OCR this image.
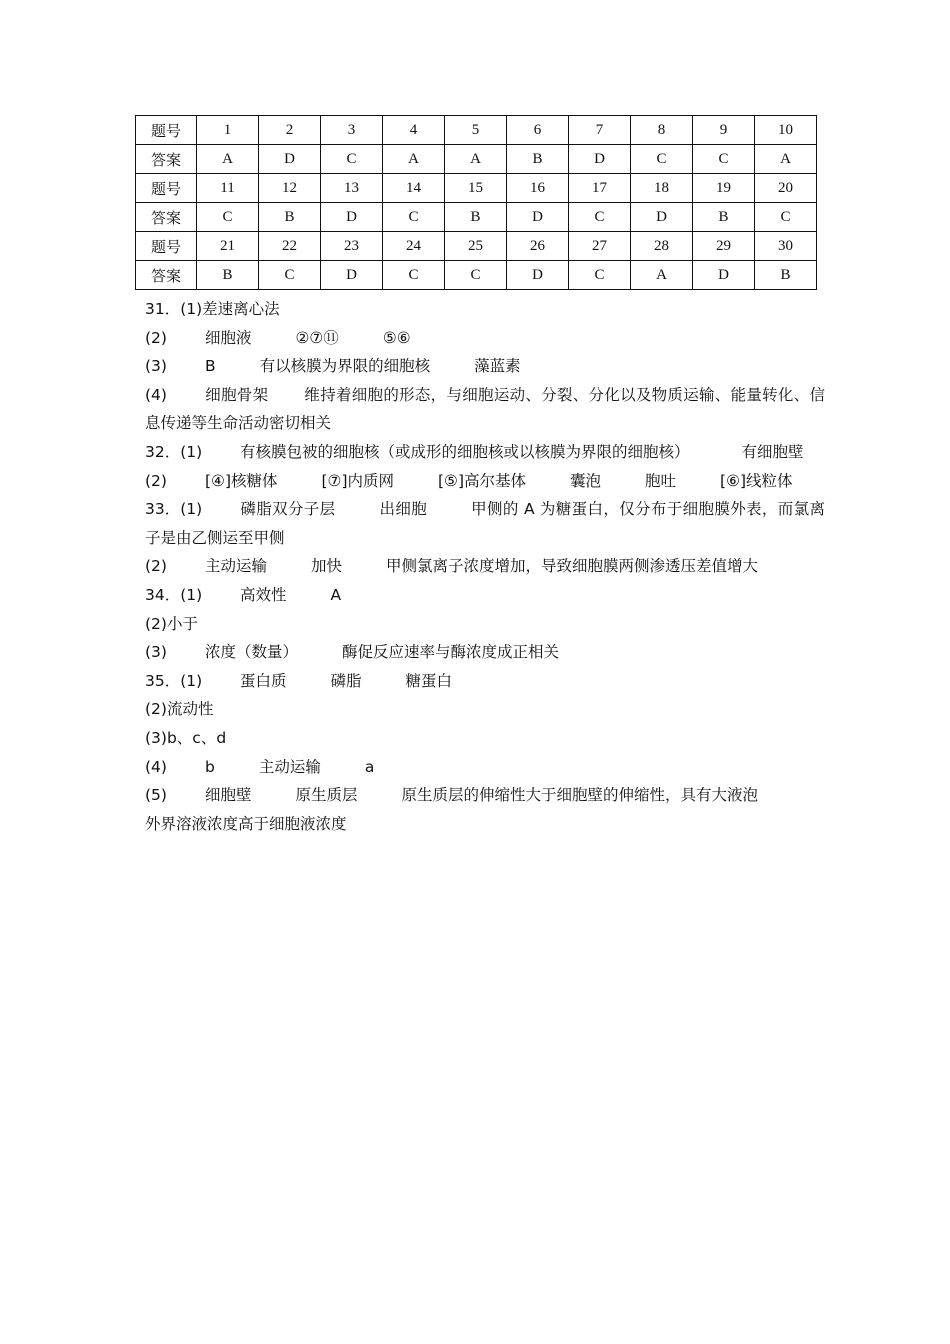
题号	1	2	3	4	5	6	7	8	9	10
答案	A	D	C	A	A	B	D	C	C	A
题号	11	12	13	14	15	16	17	18	19	20
答案	C	B	D	C	B	D	C	D	B	C
题号	21	22	23	24	25	26	27	28	29	30
答案	B	C	D	C	C	D	C	A	D	B
31．(1)差速离心法
(2) 细胞液	②⑦⑪	⑤⑥
(3) B	有以核膜为界限的细胞核	藻蓝素
(4) 细胞骨架 维持着细胞的形态，与细胞运动、分裂、分化以及物质运输、能量转化、信息传递等生命活动密切相关
32．(1) 有核膜包被的细胞核（或成形的细胞核或以核膜为界限的细胞核）	有细胞壁
(2) [④]核糖体	[⑦]内质网	[⑤]高尔基体	囊泡	胞吐	[⑥]线粒体
33．(1) 磷脂双分子层	出细胞	甲侧的 A 为糖蛋白，仅分布于细胞膜外表，而氯离子是由乙侧运至甲侧
(2) 主动运输	加快	甲侧氯离子浓度增加，导致细胞膜两侧渗透压差值增大
34．(1) 高效性	A
(2)小于
(3) 浓度（数量）	酶促反应速率与酶浓度成正相关
35．(1) 蛋白质	磷脂	糖蛋白
(2)流动性
(3)b、c、d
(4) b	主动运输	a
(5) 细胞壁	原生质层	原生质层的伸缩性大于细胞壁的伸缩性，具有大液泡
外界溶液浓度高于细胞液浓度
